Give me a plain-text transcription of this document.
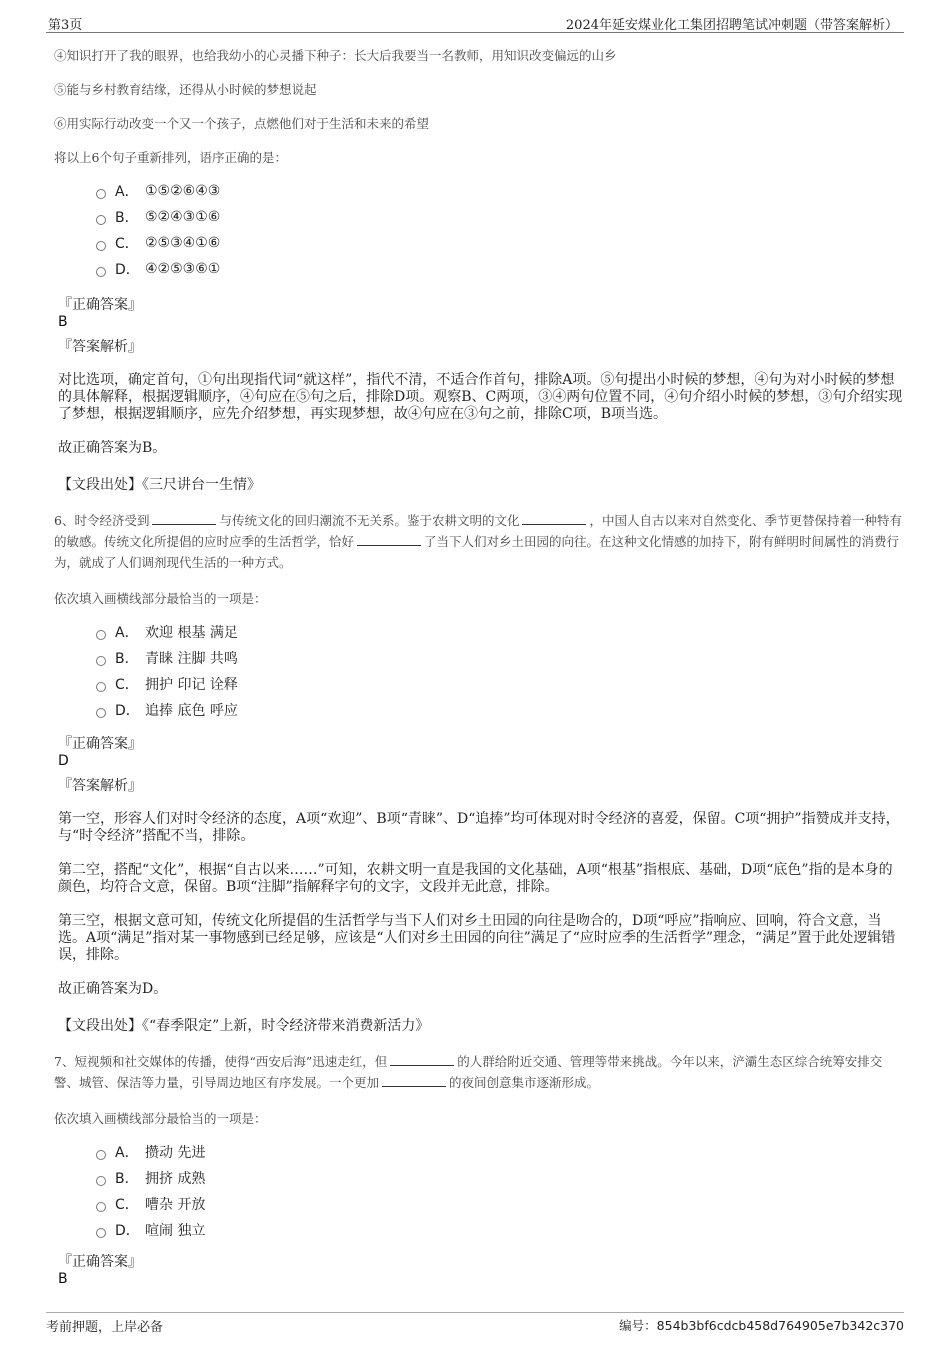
第3页	2024年延安煤业化工集团招聘笔试冲刺题（带答案解析）

④知识打开了我的眼界，也给我幼小的心灵播下种子：长大后我要当一名教师，用知识改变偏远的山乡

⑤能与乡村教育结缘，还得从小时候的梦想说起

⑥用实际行动改变一个又一个孩子，点燃他们对于生活和未来的希望

将以上6个句子重新排列，语序正确的是：

A． ①⑤②⑥④③
B． ⑤②④③①⑥
C． ②⑤③④①⑥
D． ④②⑤③⑥①
『正确答案』
B
『答案解析』

对比选项，确定首句，①句出现指代词“就这样”，指代不清，不适合作首句，排除A项。⑤句提出小时候的梦想，④句为对小时候的梦想的具体解释，根据逻辑顺序，④句应在⑤句之后，排除D项。观察B、C两项，③④两句位置不同，④句介绍小时候的梦想，③句介绍实现了梦想，根据逻辑顺序，应先介绍梦想，再实现梦想，故④句应在③句之前，排除C项，B项当选。

故正确答案为B。

【文段出处】《三尺讲台一生情》

6、时令经济受到	与传统文化的回归潮流不无关系。鉴于农耕文明的文化	，中国人自古以来对自然变化、季节更替保持着一种特有的敏感。传统文化所提倡的应时应季的生活哲学，恰好	了当下人们对乡土田园的向往。在这种文化情感的加持下，附有鲜明时间属性的消费行为，就成了人们调剂现代生活的一种方式。

依次填入画横线部分最恰当的一项是：

A． 欢迎 根基 满足
B． 青睐 注脚 共鸣
C． 拥护 印记 诠释
D． 追捧 底色 呼应
『正确答案』
D
『答案解析』

第一空，形容人们对时令经济的态度，A项“欢迎”、B项“青睐”、D“追捧”均可体现对时令经济的喜爱，保留。C项“拥护”指赞成并支持，与“时令经济”搭配不当，排除。

第二空，搭配“文化”，根据“自古以来……”可知，农耕文明一直是我国的文化基础，A项“根基”指根底、基础，D项“底色”指的是本身的颜色，均符合文意，保留。B项“注脚”指解释字句的文字，文段并无此意，排除。

第三空，根据文意可知，传统文化所提倡的生活哲学与当下人们对乡土田园的向往是吻合的，D项“呼应”指响应、回响，符合文意，当选。A项“满足”指对某一事物感到已经足够，应该是“人们对乡土田园的向往”满足了“应时应季的生活哲学”理念，“满足”置于此处逻辑错误，排除。

故正确答案为D。

【文段出处】《“春季限定”上新，时令经济带来消费新活力》

7、短视频和社交媒体的传播，使得“西安后海”迅速走红，但	的人群给附近交通、管理等带来挑战。今年以来，浐灞生态区综合统筹安排交警、城管、保洁等力量，引导周边地区有序发展。一个更加	的夜间创意集市逐渐形成。

依次填入画横线部分最恰当的一项是：

A． 攒动 先进
B． 拥挤 成熟
C． 嘈杂 开放
D． 喧闹 独立
『正确答案』
B
考前押题，上岸必备	编号：854b3bf6cdcb458d764905e7b342c370
